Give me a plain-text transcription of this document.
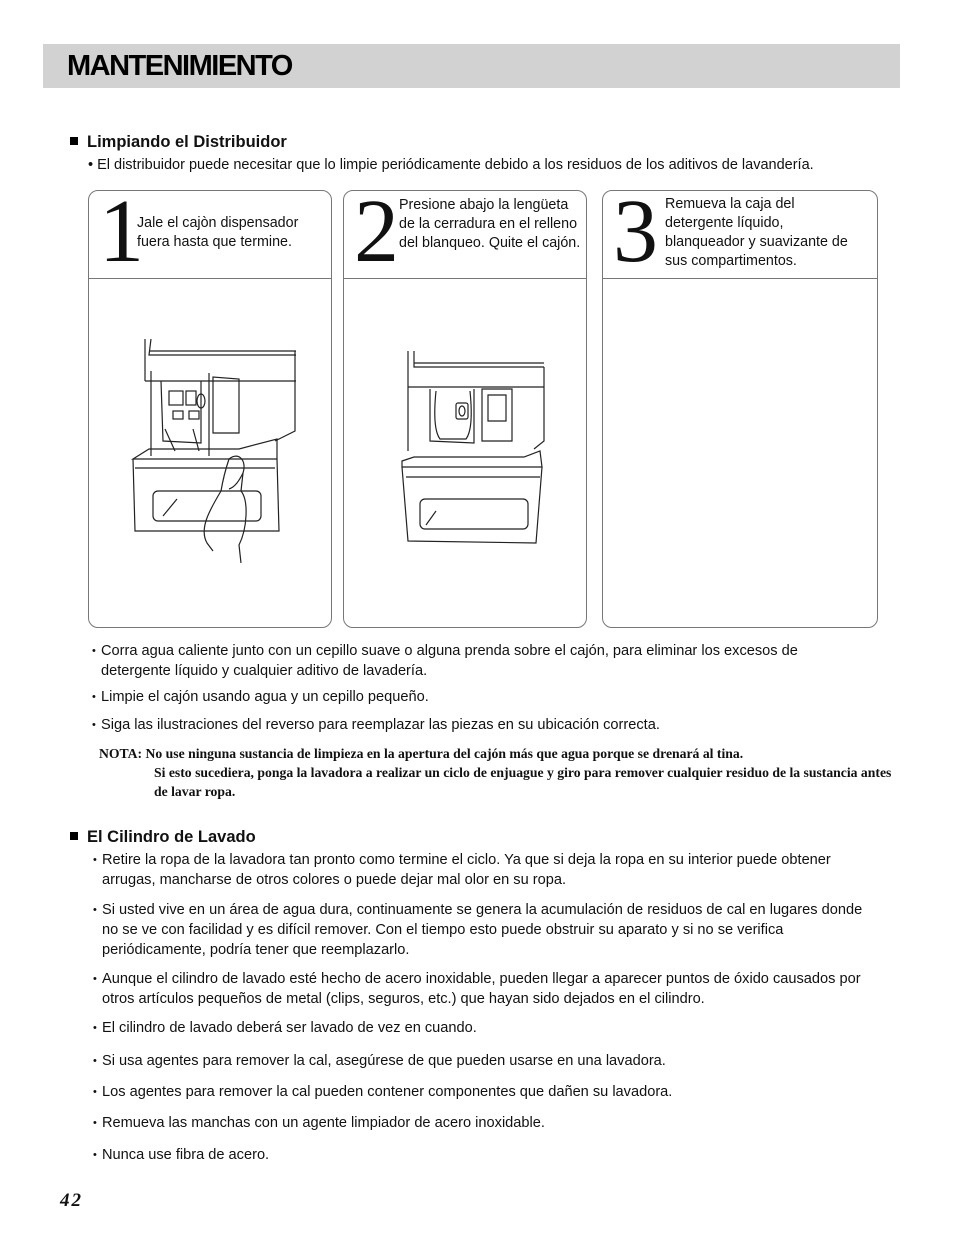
MANTENIMIENTO
Limpiando el Distribuidor
• El distribuidor puede necesitar que lo limpie periódicamente debido a los residuos de los aditivos de lavandería.
1
Jale el cajòn dispensador fuera hasta que termine. 2 Presione abajo la lengüeta de la cerradura en el relleno del blanqueo. Quite el cajón. 3 Remueva la caja del detergente líquido, blanqueador y suavizante de sus compartimentos.
• Corra agua caliente junto con un cepillo suave o alguna prenda sobre el cajón, para eliminar los excesos de detergente líquido y cualquier aditivo de lavadería.
• Limpie el cajón usando agua y un cepillo pequeño.
• Siga las ilustraciones del reverso para reemplazar las piezas en su ubicación correcta.
NOTA: No use ninguna sustancia de limpieza en la apertura del cajón más que agua porque se drenará al tina.
Si esto sucediera, ponga la lavadora a realizar un ciclo de enjuague y giro para remover cualquier residuo de la sustancia antes de lavar ropa.
El Cilindro de Lavado
• Retire la ropa de la lavadora tan pronto como termine el ciclo. Ya que si deja la ropa en su interior puede obtener arrugas, mancharse de otros colores o puede dejar mal olor en su ropa.
• Si usted vive en un área de agua dura, continuamente se genera la acumulación de residuos de cal en lugares donde no se ve con facilidad y es difícil remover. Con el tiempo esto puede obstruir su aparato y si no se verifica periódicamente, podría tener que reemplazarlo.
• Aunque el cilindro de lavado esté hecho de acero inoxidable, pueden llegar a aparecer puntos de óxido causados por otros artículos pequeños de metal (clips, seguros, etc.) que hayan sido dejados en el cilindro.
• El cilindro de lavado deberá ser lavado de vez en cuando.
• Si usa agentes para remover la cal, asegúrese de que pueden usarse en una lavadora.
• Los agentes para remover la cal pueden contener componentes que dañen su lavadora.
• Remueva las manchas con un agente limpiador de acero inoxidable.
• Nunca use fibra de acero.
42
